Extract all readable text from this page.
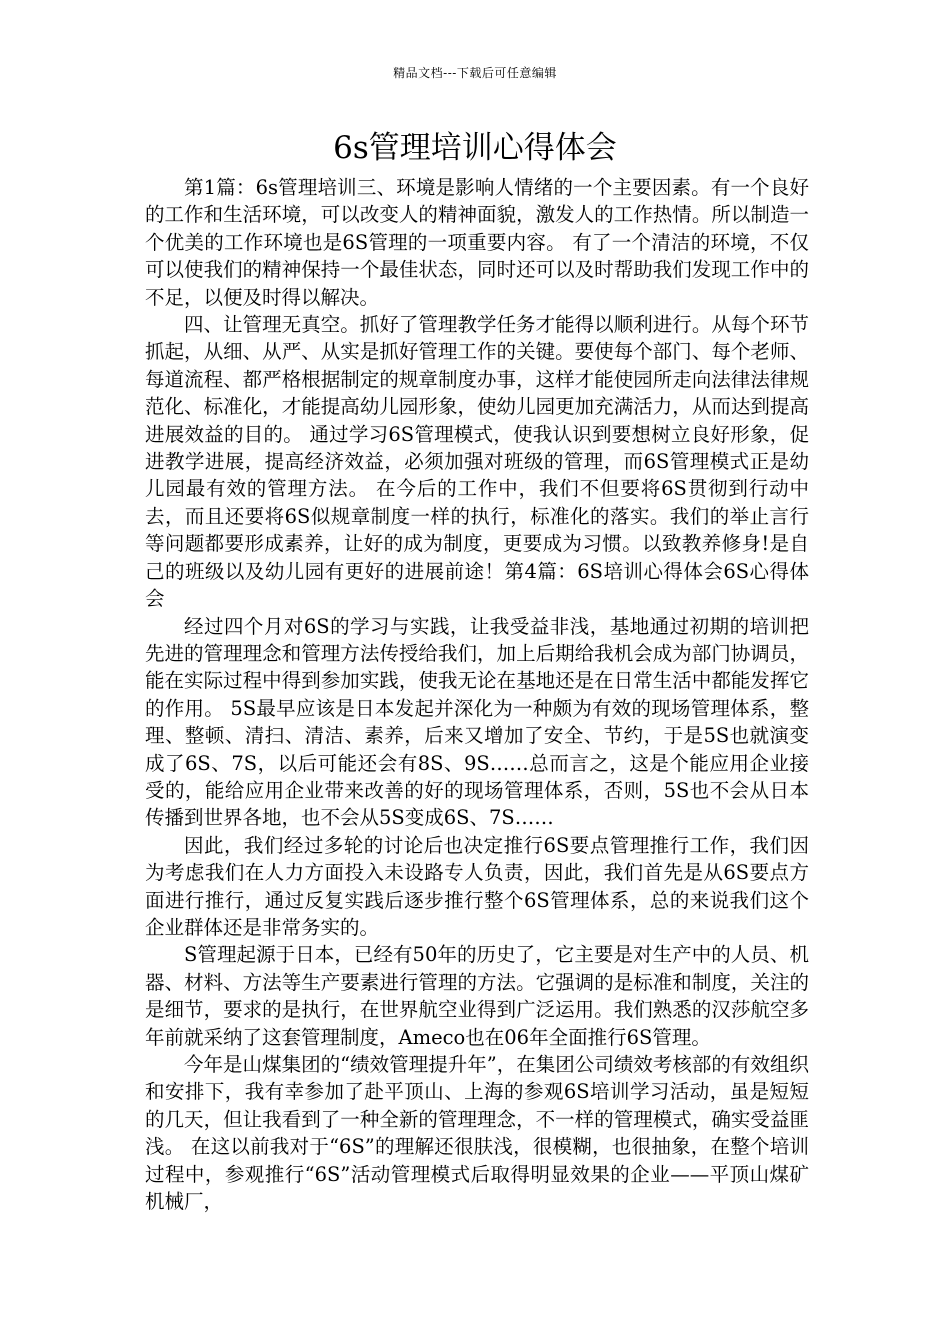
精品文档---下载后可任意编辑
6s管理培训心得体会

第1篇：6s管理培训三、环境是影响人情绪的一个主要因素。有一个良好的工作和生活环境，可以改变人的精神面貌，激发人的工作热情。所以制造一个优美的工作环境也是6S管理的一项重要内容。 有了一个清洁的环境，不仅可以使我们的精神保持一个最佳状态，同时还可以及时帮助我们发现工作中的不足，以便及时得以解决。

四、让管理无真空。抓好了管理教学任务才能得以顺利进行。从每个环节抓起，从细、从严、从实是抓好管理工作的关键。要使每个部门、每个老师、每道流程、都严格根据制定的规章制度办事，这样才能使园所走向法律法律规范化、标准化，才能提高幼儿园形象，使幼儿园更加充满活力，从而达到提高进展效益的目的。 通过学习6S管理模式，使我认识到要想树立良好形象，促进教学进展，提高经济效益，必须加强对班级的管理，而6S管理模式正是幼儿园最有效的管理方法。 在今后的工作中，我们不但要将6S贯彻到行动中去，而且还要将6S似规章制度一样的执行，标准化的落实。我们的举止言行等问题都要形成素养，让好的成为制度，更要成为习惯。以致教养修身!是自己的班级以及幼儿园有更好的进展前途！第4篇：6S培训心得体会6S心得体会

经过四个月对6S的学习与实践，让我受益非浅，基地通过初期的培训把先进的管理理念和管理方法传授给我们，加上后期给我机会成为部门协调员，能在实际过程中得到参加实践，使我无论在基地还是在日常生活中都能发挥它的作用。 5S最早应该是日本发起并深化为一种颇为有效的现场管理体系，整理、整顿、清扫、清洁、素养，后来又增加了安全、节约，于是5S也就演变成了6S、7S，以后可能还会有8S、9S……总而言之，这是个能应用企业接受的，能给应用企业带来改善的好的现场管理体系，否则，5S也不会从日本传播到世界各地，也不会从5S变成6S、7S……

因此，我们经过多轮的讨论后也决定推行6S要点管理推行工作，我们因为考虑我们在人力方面投入未设路专人负责，因此，我们首先是从6S要点方面进行推行，通过反复实践后逐步推行整个6S管理体系，总的来说我们这个企业群体还是非常务实的。

S管理起源于日本，已经有50年的历史了，它主要是对生产中的人员、机器、材料、方法等生产要素进行管理的方法。它强调的是标准和制度，关注的是细节，要求的是执行，在世界航空业得到广泛运用。我们熟悉的汉莎航空多年前就采纳了这套管理制度，Ameco也在06年全面推行6S管理。

今年是山煤集团的“绩效管理提升年”，在集团公司绩效考核部的有效组织和安排下，我有幸参加了赴平顶山、上海的参观6S培训学习活动，虽是短短的几天，但让我看到了一种全新的管理理念，不一样的管理模式，确实受益匪浅。 在这以前我对于“6S”的理解还很肤浅，很模糊，也很抽象，在整个培训过程中，参观推行“6S”活动管理模式后取得明显效果的企业——平顶山煤矿机械厂，
